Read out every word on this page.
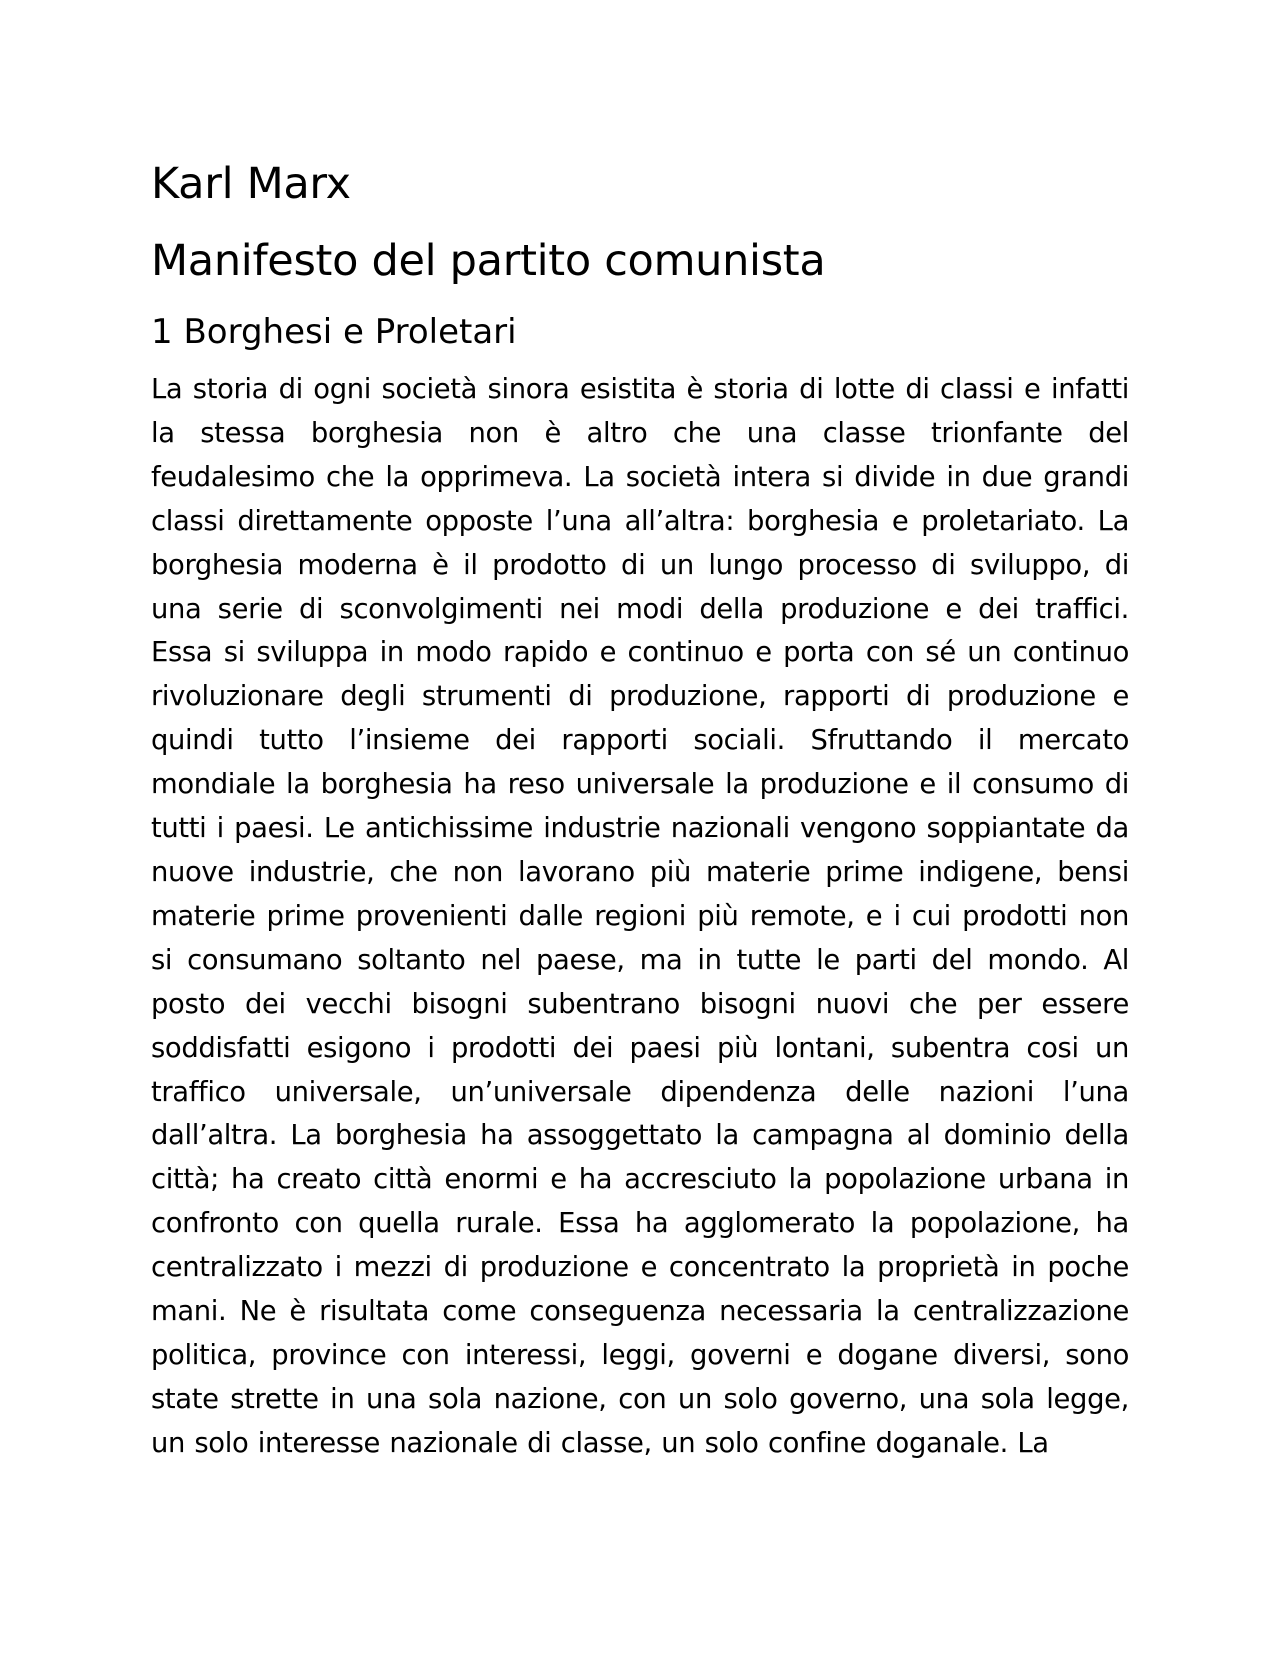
Karl Marx
Manifesto del partito comunista
1 Borghesi e Proletari

La storia di ogni società sinora esistita è storia di lotte di classi e infatti la stessa borghesia non è altro che una classe trionfante del feudalesimo che la opprimeva. La società intera si divide in due grandi classi direttamente opposte l’una all’altra: borghesia e proletariato. La borghesia moderna è il prodotto di un lungo processo di sviluppo, di una serie di sconvolgimenti nei modi della produzione e dei traffici. Essa si sviluppa in modo rapido e continuo e porta con sé un continuo rivoluzionare degli strumenti di produzione, rapporti di produzione e quindi tutto l’insieme dei rapporti sociali. Sfruttando il mercato mondiale la borghesia ha reso universale la produzione e il consumo di tutti i paesi. Le antichissime industrie nazionali vengono soppiantate da nuove industrie, che non lavorano più materie prime indigene, bensi materie prime provenienti dalle regioni più remote, e i cui prodotti non si consumano soltanto nel paese, ma in tutte le parti del mondo. Al posto dei vecchi bisogni subentrano bisogni nuovi che per essere soddisfatti esigono i prodotti dei paesi più lontani, subentra cosi un traffico universale, un’universale dipendenza delle nazioni l’una dall’altra. La borghesia ha assoggettato la campagna al dominio della città; ha creato città enormi e ha accresciuto la popolazione urbana in confronto con quella rurale. Essa ha agglomerato la popolazione, ha centralizzato i mezzi di produzione e concentrato la proprietà in poche mani. Ne è risultata come conseguenza necessaria la centralizzazione politica, province con interessi, leggi, governi e dogane diversi, sono state strette in una sola nazione, con un solo governo, una sola legge, un solo interesse nazionale di classe, un solo confine doganale. La
